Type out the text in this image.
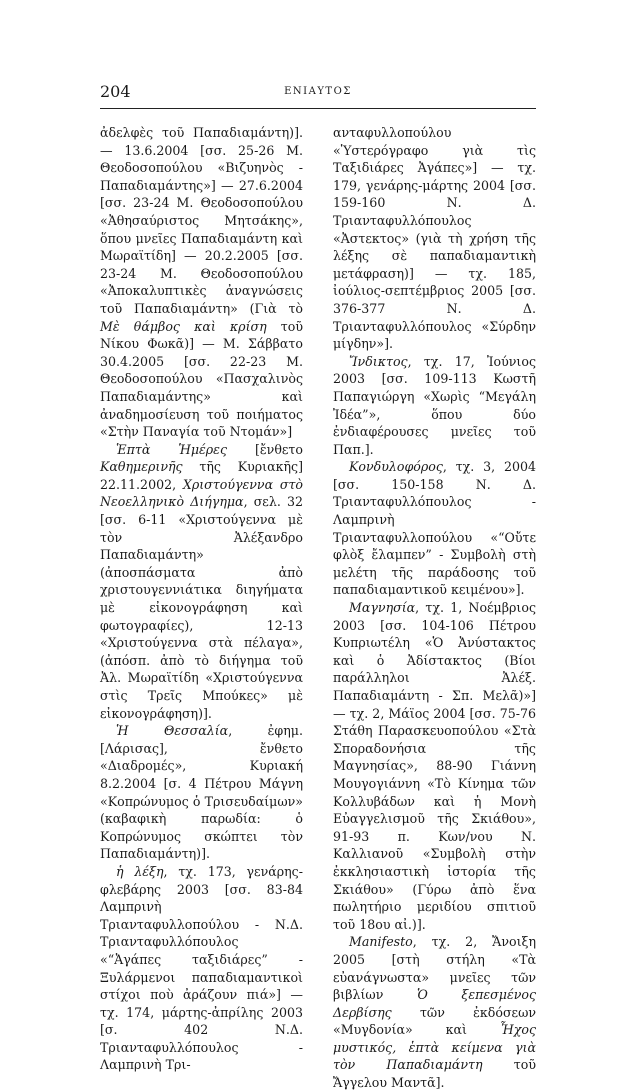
204	ΕΝΙΑΥΤΟΣ

ἀδελφὲς τοῦ Παπαδιαμάντη)]. — 13.6.2004 [σσ. 25-26 Μ. Θεοδοσοπούλου «Βιζυηνὸς - Παπαδιαμάντης»] — 27.6.2004 [σσ. 23-24 Μ. Θεοδοσοπούλου «Ἀθησαύριστος Μητσάκης», ὅπου μνεῖες Παπαδιαμάντη καὶ Μωραϊτίδη] — 20.2.2005 [σσ. 23-24 Μ. Θεοδοσοπούλου «Ἀποκαλυπτικὲς ἀναγνώσεις τοῦ Παπαδιαμάντη» (Γιὰ τὸ Μὲ θάμβος καὶ κρίση τοῦ Νίκου Φωκᾶ)] — Μ. Σάββατο 30.4.2005 [σσ. 22-23 Μ. Θεοδοσοπούλου «Πασχαλινὸς Παπαδιαμάντης» καὶ ἀναδημοσίευση τοῦ ποιήματος «Στὴν Παναγία τοῦ Ντομάν»]

Ἑπτὰ Ἡμέρες [ἔνθετο Καθημερινῆς τῆς Κυριακῆς] 22.11.2002, Χριστούγεννα στὸ Νεοελληνικὸ Διήγημα, σελ. 32 [σσ. 6-11 «Χριστούγεννα μὲ τὸν Ἀλέξανδρο Παπαδιαμάντη» (ἀποσπάσματα ἀπὸ χριστουγεννιάτικα διηγήματα μὲ εἰκονογράφηση καὶ φωτογραφίες), 12-13 «Χριστούγεννα στὰ πέλαγα», (ἀπόσπ. ἀπὸ τὸ διήγημα τοῦ Ἀλ. Μωραϊτίδη «Χριστούγεννα στὶς Τρεῖς Μπούκες» μὲ εἰκονογράφηση)].

Ἡ Θεσσαλία, ἐφημ. [Λάρισας], ἔνθετο «Διαδρομές», Κυριακή 8.2.2004 [σ. 4 Πέτρου Μάγνη «Κοπρώνυμος ὁ Τρισευδαίμων» (καβαφικὴ παρωδία: ὁ Κοπρώνυμος σκώπτει τὸν Παπαδιαμάντη)].

ἡ λέξη, τχ. 173, γενάρης-φλεβάρης 2003 [σσ. 83-84 Λαμπρινὴ Τριανταφυλλοπούλου - Ν.Δ. Τριανταφυλλόπουλος «“Ἀγάπες ταξιδιάρες” - Ξυλάρμενοι παπαδιαμαντικοὶ στίχοι ποὺ ἀράζουν πιά»] — τχ. 174, μάρτης-ἀπρίλης 2003 [σ. 402 Ν.Δ. Τριανταφυλλόπουλος - Λαμπρινὴ Τρι-

ανταφυλλοπούλου «Ὑστερόγραφο γιὰ τὶς Ταξιδιάρες Ἀγάπες»] — τχ. 179, γενάρης-μάρτης 2004 [σσ. 159-160 Ν. Δ. Τριανταφυλλόπουλος «Ἀστεκτος» (γιὰ τὴ χρήση τῆς λέξης σὲ παπαδιαμαντικὴ μετάφραση)] — τχ. 185, ἰούλιος-σεπτέμβριος 2005 [σσ. 376-377 Ν. Δ. Τριανταφυλλόπουλος «Σύρδην μίγδην»].

Ἴνδικτος, τχ. 17, Ἰούνιος 2003 [σσ. 109-113 Κωστῆ Παπαγιώργη «Χωρὶς “Μεγάλη Ἰδέα”», ὅπου δύο ἐνδιαφέρουσες μνεῖες τοῦ Παπ.].

Κονδυλοφόρος, τχ. 3, 2004 [σσ. 150-158 Ν. Δ. Τριανταφυλλόπουλος - Λαμπρινὴ Τριανταφυλλοπούλου «“Οὔτε φλὸξ ἔλαμπεν” - Συμβολὴ στὴ μελέτη τῆς παράδοσης τοῦ παπαδιαμαντικοῦ κειμένου»].

Μαγνησία, τχ. 1, Νοέμβριος 2003 [σσ. 104-106 Πέτρου Κυπριωτέλη «Ὁ Ἀνύστακτος καὶ ὁ Ἀδίστακτος (Βίοι παράλληλοι Ἀλέξ. Παπαδιαμάντη - Σπ. Μελᾶ)»] — τχ. 2, Μάϊος 2004 [σσ. 75-76 Στάθη Παρασκευοπούλου «Στὰ Σποραδονήσια τῆς Μαγνησίας», 88-90 Γιάννη Μουγογιάννη «Τὸ Κίνημα τῶν Κολλυβάδων καὶ ἡ Μονὴ Εὐαγγελισμοῦ τῆς Σκιάθου», 91-93 π. Κων/νου Ν. Καλλιανοῦ «Συμβολὴ στὴν ἐκκλησιαστικὴ ἱστορία τῆς Σκιάθου» (Γύρω ἀπὸ ἕνα πωλητήριο μεριδίου σπιτιοῦ τοῦ 18ου αἰ.)].

Manifesto, τχ. 2, Ἄνοιξη 2005 [στὴ στήλη «Τὰ εὐανάγνωστα» μνεῖες τῶν βιβλίων Ὁ ξεπεσμένος Δερβίσης τῶν ἐκδόσεων «Μυγδονία» καὶ Ἦχος μυστικός, ἑπτὰ κείμενα γιὰ τὸν Παπαδιαμάντη τοῦ Ἄγγελου Μαντᾶ].
